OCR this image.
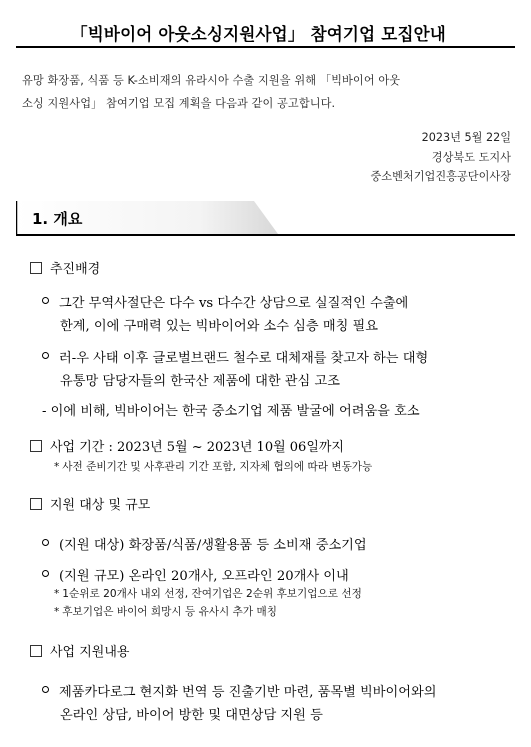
「빅바이어 아웃소싱지원사업」 참여기업 모집안내
유망 화장품, 식품 등 K-소비재의 유라시아 수출 지원을 위해 「빅바이어 아웃
소싱 지원사업」 참여기업 모집 계획을 다음과 같이 공고합니다.
2023년 5월 22일
경상북도 도지사
중소벤처기업진흥공단이사장
1. 개요
추진배경
그간 무역사절단은 다수 vs 다수간 상담으로 실질적인 수출에
한계, 이에 구매력 있는 빅바이어와 소수 심층 매칭 필요
러-우 사태 이후 글로벌브랜드 철수로 대체재를 찾고자 하는 대형
유통망 담당자들의 한국산 제품에 대한 관심 고조
- 이에 비해, 빅바이어는 한국 중소기업 제품 발굴에 어려움을 호소
사업 기간 : 2023년 5월 ~ 2023년 10월 06일까지
* 사전 준비기간 및 사후관리 기간 포함, 지자체 협의에 따라 변동가능
지원 대상 및 규모
(지원 대상) 화장품/식품/생활용품 등 소비재 중소기업
(지원 규모) 온라인 20개사, 오프라인 20개사 이내
* 1순위로 20개사 내외 선정, 잔여기업은 2순위 후보기업으로 선정
* 후보기업은 바이어 희망시 등 유사시 추가 매칭
사업 지원내용
제품카다로그 현지화 번역 등 진출기반 마련, 품목별 빅바이어와의
온라인 상담, 바이어 방한 및 대면상담 지원 등
